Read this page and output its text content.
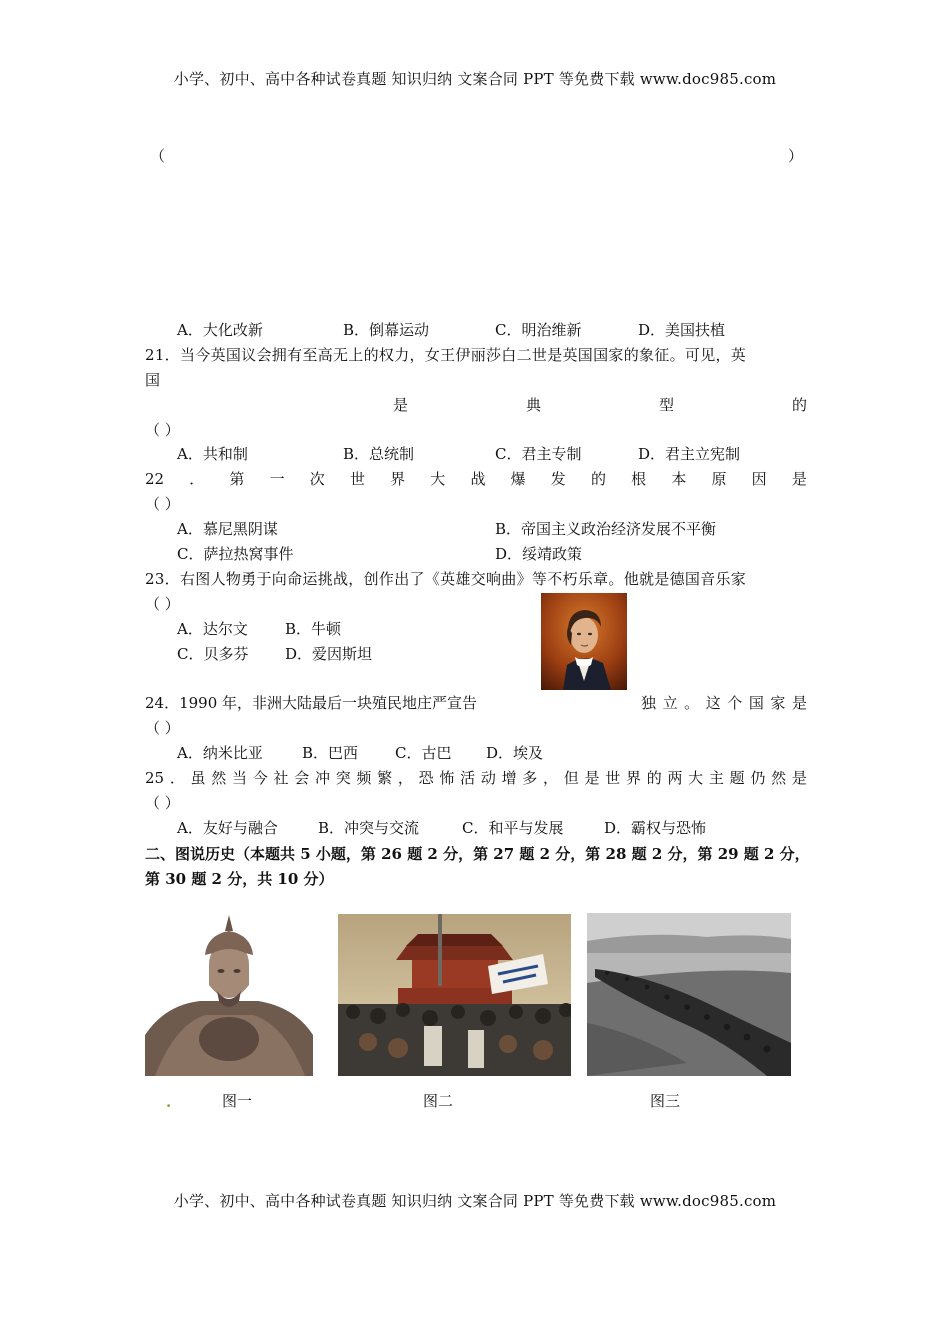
小学、初中、高中各种试卷真题 知识归纳 文案合同 PPT 等免费下载 www.doc985.com
（	）
A．大化改新	B．倒幕运动	C．明治维新	D．美国扶植
21．当今英国议会拥有至高无上的权力，女王伊丽莎白二世是英国国家的象征。可见，英
国
是	典	型	的
（ ）
A．共和制	B．总统制	C．君主专制	D．君主立宪制
22 ． 第 一 次 世 界 大 战 爆 发 的 根 本 原 因 是
（ ）
A．慕尼黑阴谋	B．帝国主义政治经济发展不平衡
C．萨拉热窝事件	D．绥靖政策
23．右图人物勇于向命运挑战，创作出了《英雄交响曲》等不朽乐章。他就是德国音乐家
（ ）
A．达尔文 B．牛顿
C．贝多芬 D．爱因斯坦
24．1990 年，非洲大陆最后一块殖民地庄严宣告	独 立 。 这 个 国 家 是
（ ）
A．纳米比亚	B．巴西 C．古巴 D．埃及
25 ． 虽 然 当 今 社 会 冲 突 频 繁 ， 恐 怖 活 动 增 多 ， 但 是 世 界 的 两 大 主 题 仍 然 是
（ ）
A．友好与融合	B．冲突与交流	C．和平与发展	D．霸权与恐怖
二、图说历史（本题共 5 小题，第 26 题 2 分，第 27 题 2 分，第 28 题 2 分，第 29 题 2 分，
第 30 题 2 分，共 10 分）
.	图一	图二	图三
小学、初中、高中各种试卷真题 知识归纳 文案合同 PPT 等免费下载 www.doc985.com
